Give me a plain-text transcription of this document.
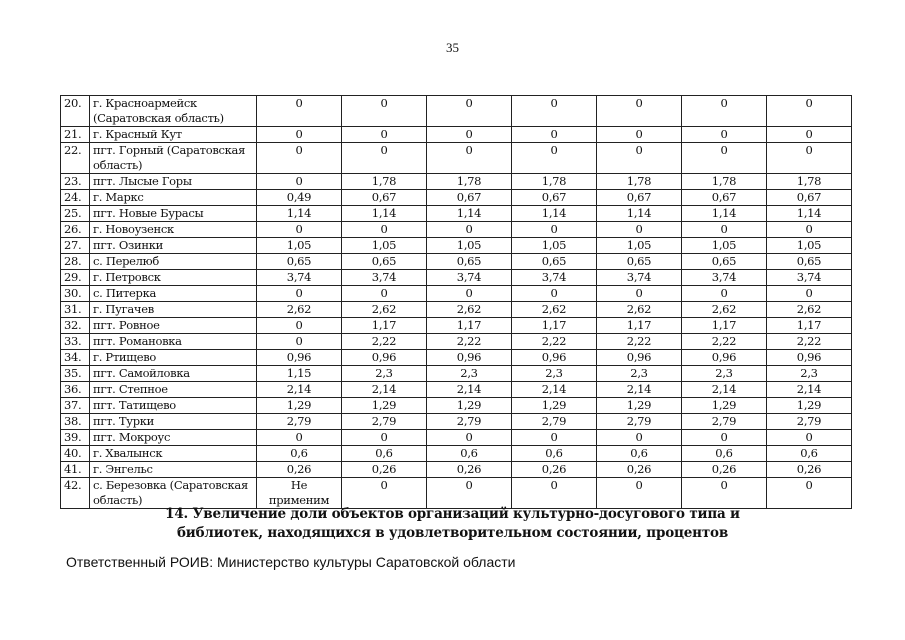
35
20.	г. Красноармейск (Саратовская область)	0	0	0	0	0	0	0
21.	г. Красный Кут	0	0	0	0	0	0	0
22.	пгт. Горный (Саратовская область)	0	0	0	0	0	0	0
23.	пгт. Лысые Горы	0	1,78	1,78	1,78	1,78	1,78	1,78
24.	г. Маркс	0,49	0,67	0,67	0,67	0,67	0,67	0,67
25.	пгт. Новые Бурасы	1,14	1,14	1,14	1,14	1,14	1,14	1,14
26.	г. Новоузенск	0	0	0	0	0	0	0
27.	пгт. Озинки	1,05	1,05	1,05	1,05	1,05	1,05	1,05
28.	с. Перелюб	0,65	0,65	0,65	0,65	0,65	0,65	0,65
29.	г. Петровск	3,74	3,74	3,74	3,74	3,74	3,74	3,74
30.	с. Питерка	0	0	0	0	0	0	0
31.	г. Пугачев	2,62	2,62	2,62	2,62	2,62	2,62	2,62
32.	пгт. Ровное	0	1,17	1,17	1,17	1,17	1,17	1,17
33.	пгт. Романовка	0	2,22	2,22	2,22	2,22	2,22	2,22
34.	г. Ртищево	0,96	0,96	0,96	0,96	0,96	0,96	0,96
35.	пгт. Самойловка	1,15	2,3	2,3	2,3	2,3	2,3	2,3
36.	пгт. Степное	2,14	2,14	2,14	2,14	2,14	2,14	2,14
37.	пгт. Татищево	1,29	1,29	1,29	1,29	1,29	1,29	1,29
38.	пгт. Турки	2,79	2,79	2,79	2,79	2,79	2,79	2,79
39.	пгт. Мокроус	0	0	0	0	0	0	0
40.	г. Хвалынск	0,6	0,6	0,6	0,6	0,6	0,6	0,6
41.	г. Энгельс	0,26	0,26	0,26	0,26	0,26	0,26	0,26
42.	с. Березовка (Саратовская область)	Не применим	0	0	0	0	0	0
14. Увеличение доли объектов организаций культурно-досугового типа и библиотек, находящихся в удовлетворительном состоянии, процентов
Ответственный РОИВ: Министерство культуры Саратовской области
